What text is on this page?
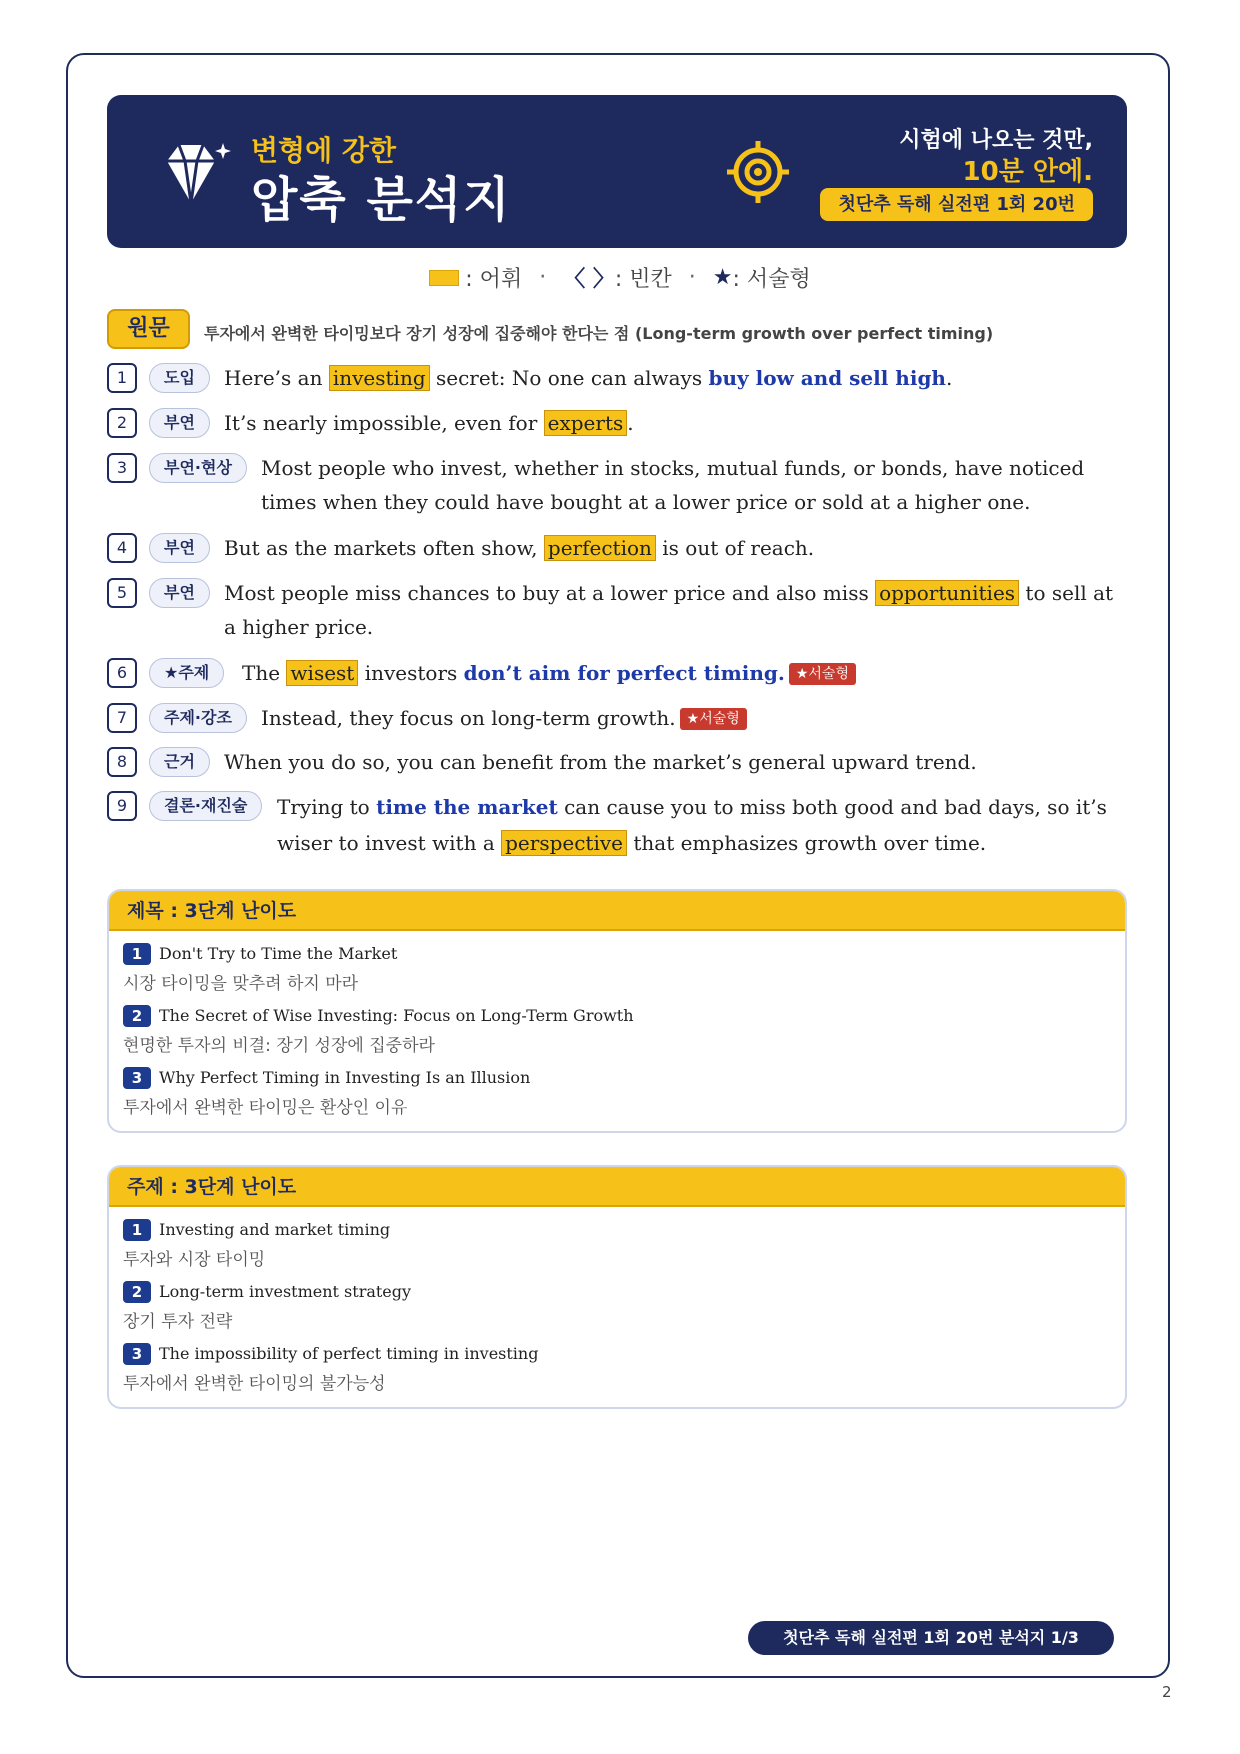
변형에 강한
압축 분석지
시험에 나오는 것만,
10분 안에.
첫단추 독해 실전편 1회 20번
: 어휘 · 〈 〉: 빈칸 · ★: 서술형
원문	투자에서 완벽한 타이밍보다 장기 성장에 집중해야 한다는 점 (Long-term growth over perfect timing)
1	도입	Here’s an investing secret: No one can always buy low and sell high.
2	부연	It’s nearly impossible, even for experts .
3	부연·현상	Most people who invest, whether in stocks, mutual funds, or bonds, have noticed times when they could have bought at a lower price or sold at a higher one.
4	부연	But as the markets often show, perfection is out of reach.
5	부연	Most people miss chances to buy at a lower price and also miss opportunities to sell at a higher price.
6	★주제	The wisest investors don’t aim for perfect timing. ★서술형
7	주제·강조	Instead, they focus on long-term growth. ★서술형
8	근거	When you do so, you can benefit from the market’s general upward trend.
9	결론·재진술	Trying to time the market can cause you to miss both good and bad days, so it’s wiser to invest with a perspective that emphasizes growth over time.
제목 : 3단계 난이도
1	Don't Try to Time the Market
시장 타이밍을 맞추려 하지 마라
2	The Secret of Wise Investing: Focus on Long-Term Growth
현명한 투자의 비결: 장기 성장에 집중하라
3	Why Perfect Timing in Investing Is an Illusion
투자에서 완벽한 타이밍은 환상인 이유
주제 : 3단계 난이도
1	Investing and market timing
투자와 시장 타이밍
2	Long-term investment strategy
장기 투자 전략
3	The impossibility of perfect timing in investing
투자에서 완벽한 타이밍의 불가능성
첫단추 독해 실전편 1회 20번 분석지 1/3
2
